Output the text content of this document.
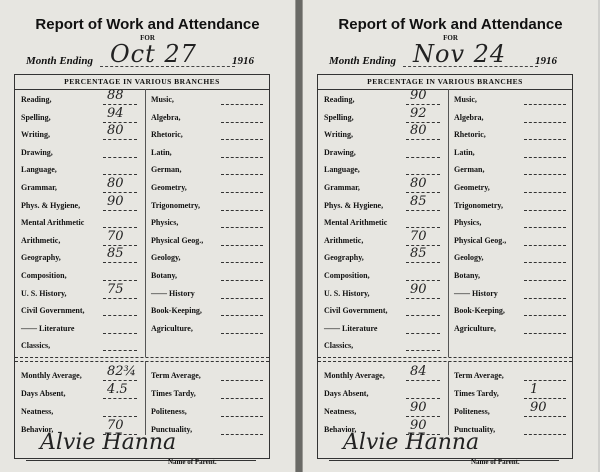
Report of Work and Attendance
FOR
Month Ending Oct 27	1916
PERCENTAGE IN VARIOUS BRANCHES
Reading,	88
Spelling,	94
Writing,	80
Drawing,
Language,
Grammar,	80
Phys. & Hygiene, 90
Mental Arithmetic
Arithmetic,	70
Geography,	85
Composition,
U. S. History,	75
Civil Government,
—— Literature
Classics,
Music,
Algebra,
Rhetoric,
Latin,
German,
Geometry,
Trigonometry,
Physics,
Physical Geog.,
Geology,
Botany,
—— History
Book-Keeping,
Agriculture,
Monthly Average, 82¾
Days Absent,	4.5
Neatness,
Behavior,	70
Term Average,
Times Tardy,
Politeness,
Punctuality,
Alvie Hanna
Name of Parent.
Report of Work and Attendance
FOR
Month Ending Nov 24	1916
PERCENTAGE IN VARIOUS BRANCHES
Reading,	90
Spelling,	92
Writing,	80
Drawing,
Language,
Grammar,	80
Phys. & Hygiene, 85
Mental Arithmetic
Arithmetic,	70
Geography,	85
Composition,
U. S. History,	90
Civil Government,
—— Literature
Classics,
Music,
Algebra,
Rhetoric,
Latin,
German,
Geometry,
Trigonometry,
Physics,
Physical Geog.,
Geology,
Botany,
—— History
Book-Keeping,
Agriculture,
Monthly Average, 84
Days Absent,
Neatness,	90
Behavior,	90
Term Average,
Times Tardy, 1
Politeness,	90
Punctuality,
Alvie Hanna
Name of Parent.
